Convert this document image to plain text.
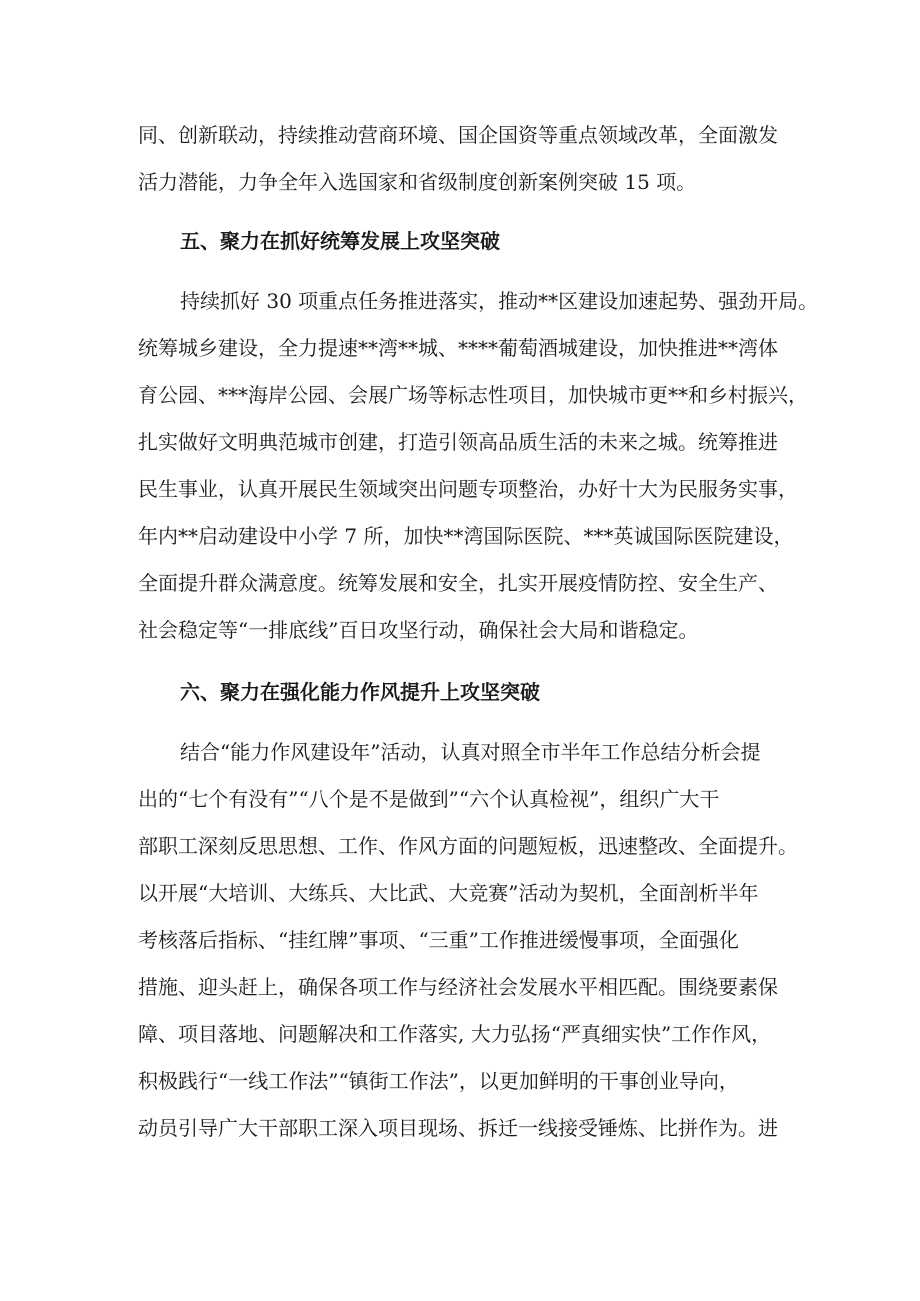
同、创新联动，持续推动营商环境、国企国资等重点领域改革，全面激发
活力潜能，力争全年入选国家和省级制度创新案例突破 15 项。
五、聚力在抓好统筹发展上攻坚突破
持续抓好 30 项重点任务推进落实，推动**区建设加速起势、强劲开局。
统筹城乡建设，全力提速**湾**城、****葡萄酒城建设，加快推进**湾体
育公园、***海岸公园、会展广场等标志性项目，加快城市更**和乡村振兴，
扎实做好文明典范城市创建，打造引领高品质生活的未来之城。统筹推进
民生事业，认真开展民生领域突出问题专项整治，办好十大为民服务实事，
年内**启动建设中小学 7 所，加快**湾国际医院、***英诚国际医院建设，
全面提升群众满意度。统筹发展和安全，扎实开展疫情防控、安全生产、
社会稳定等“一排底线”百日攻坚行动，确保社会大局和谐稳定。
六、聚力在强化能力作风提升上攻坚突破
结合“能力作风建设年”活动，认真对照全市半年工作总结分析会提
出的“七个有没有”“八个是不是做到”“六个认真检视”，组织广大干
部职工深刻反思思想、工作、作风方面的问题短板，迅速整改、全面提升。
以开展“大培训、大练兵、大比武、大竞赛”活动为契机，全面剖析半年
考核落后指标、“挂红牌”事项、“三重”工作推进缓慢事项，全面强化
措施、迎头赶上，确保各项工作与经济社会发展水平相匹配。围绕要素保
障、项目落地、问题解决和工作落实, 大力弘扬“严真细实快”工作作风，
积极践行“一线工作法”“镇街工作法”，以更加鲜明的干事创业导向，
动员引导广大干部职工深入项目现场、拆迁一线接受锤炼、比拼作为。进
